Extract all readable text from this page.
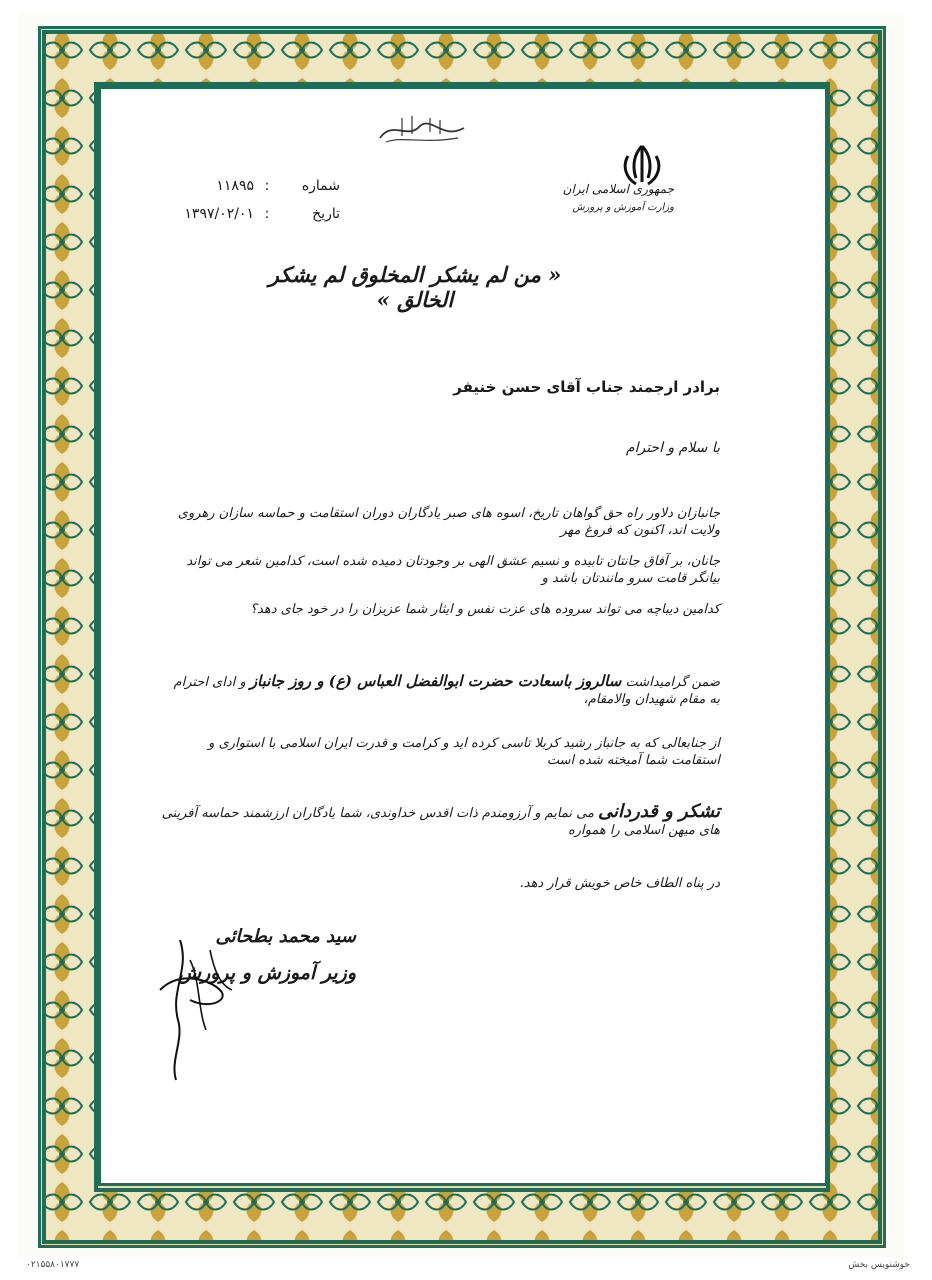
جمهوری اسلامی ایران
وزارت آموزش و پرورش
شماره
:
۱۱۸۹۵
تاریخ
:
۱۳۹۷/۰۲/۰۱
« من لم یشکر المخلوق لم یشکر الخالق »
برادر ارجمند جناب آقای حسن خنیفر
با سلام و احترام
جانبازان دلاور راه حق گواهان تاریخ، اسوه های صبر یادگاران دوران استقامت و حماسه سازان رهروی ولایت اند، اکنون که فروغ مهر
جانان، بر آفاق جانتان تابیده و نسیم عشق الهی بر وجودتان دمیده شده است، کدامین شعر می تواند بیانگر قامت سرو مانندتان باشد و
کدامین دیباچه می تواند سروده های عزت نفس و ایثار شما عزیزان را در خود جای دهد؟
ضمن گرامیداشت سالروز باسعادت حضرت ابوالفضل العباس (ع) و روز جانباز و ادای احترام به مقام شهیدان والامقام،
از جنابعالی که به جانباز رشید کربلا تاسی کرده اید و کرامت و قدرت ایران اسلامی با استواری و استقامت شما آمیخته شده است
تشکر و قدردانی می نمایم و آرزومندم ذات اقدس خداوندی، شما یادگاران ارزشمند حماسه آفرینی های میهن اسلامی را همواره
در پناه الطاف خاص خویش قرار دهد.
سید محمد بطحائی
وزیر آموزش و پرورش
۰۲۱۵۵۸۰۱۷۷۷	خوشنویس بخش
